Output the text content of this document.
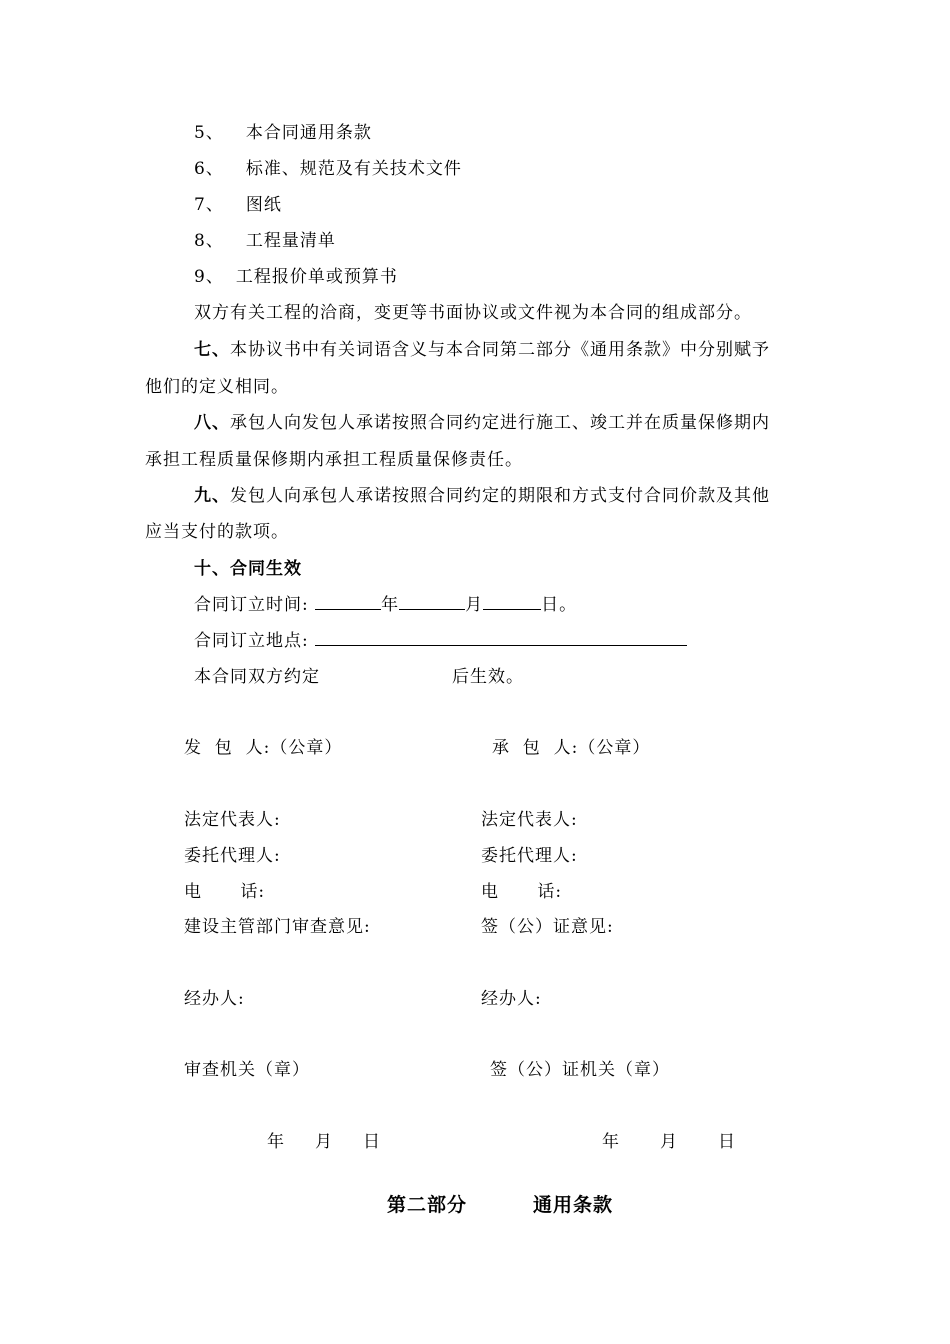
5、 本合同通用条款
6、 标准、规范及有关技术文件
7、 图纸
8、 工程量清单
9、 工程报价单或预算书
双方有关工程的洽商，变更等书面协议或文件视为本合同的组成部分。
七、本协议书中有关词语含义与本合同第二部分《通用条款》中分别赋予
他们的定义相同。
八、承包人向发包人承诺按照合同约定进行施工、竣工并在质量保修期内
承担工程质量保修期内承担工程质量保修责任。
九、发包人向承包人承诺按照合同约定的期限和方式支付合同价款及其他
应当支付的款项。
十、合同生效
合同订立时间:	年	月	日。
合同订立地点:
本合同双方约定	后生效。
发  包  人:（公章）	承  包  人:（公章）
法定代表人:	法定代表人:
委托代理人:	委托代理人:
电      话:	电      话:
建设主管部门审查意见:	签（公）证意见:
经办人:	经办人:
审查机关（章）	签（公）证机关（章）
年 月 日	年 月 日
第二部分	通用条款
